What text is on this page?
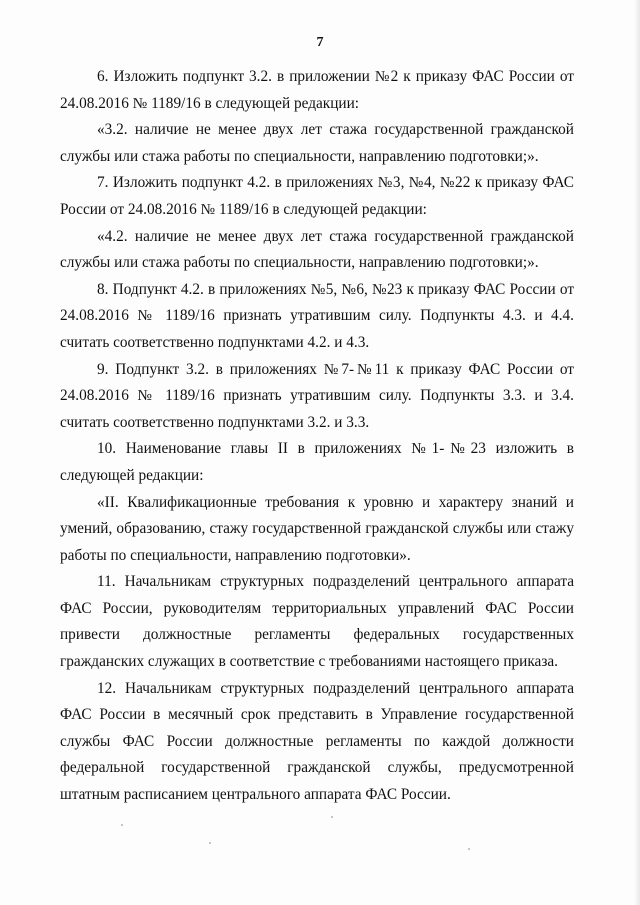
7

6. Изложить подпункт 3.2. в приложении №2 к приказу ФАС России от 24.08.2016 № 1189/16 в следующей редакции:

«3.2. наличие не менее двух лет стажа государственной гражданской службы или стажа работы по специальности, направлению подготовки;».

7. Изложить подпункт 4.2. в приложениях №3, №4, №22 к приказу ФАС России от 24.08.2016 № 1189/16 в следующей редакции:

«4.2. наличие не менее двух лет стажа государственной гражданской службы или стажа работы по специальности, направлению подготовки;».

8. Подпункт 4.2. в приложениях №5, №6, №23 к приказу ФАС России от 24.08.2016 № 1189/16 признать утратившим силу. Подпункты 4.3. и 4.4. считать соответственно подпунктами 4.2. и 4.3.

9. Подпункт 3.2. в приложениях №7-№11 к приказу ФАС России от 24.08.2016 № 1189/16 признать утратившим силу. Подпункты 3.3. и 3.4. считать соответственно подпунктами 3.2. и 3.3.

10. Наименование главы II в приложениях №1-№23 изложить в следующей редакции:

«II. Квалификационные требования к уровню и характеру знаний и умений, образованию, стажу государственной гражданской службы или стажу работы по специальности, направлению подготовки».

11. Начальникам структурных подразделений центрального аппарата ФАС России, руководителям территориальных управлений ФАС России привести должностные регламенты федеральных государственных гражданских служащих в соответствие с требованиями настоящего приказа.

12. Начальникам структурных подразделений центрального аппарата ФАС России в месячный срок представить в Управление государственной службы ФАС России должностные регламенты по каждой должности федеральной государственной гражданской службы, предусмотренной штатным расписанием центрального аппарата ФАС России.
